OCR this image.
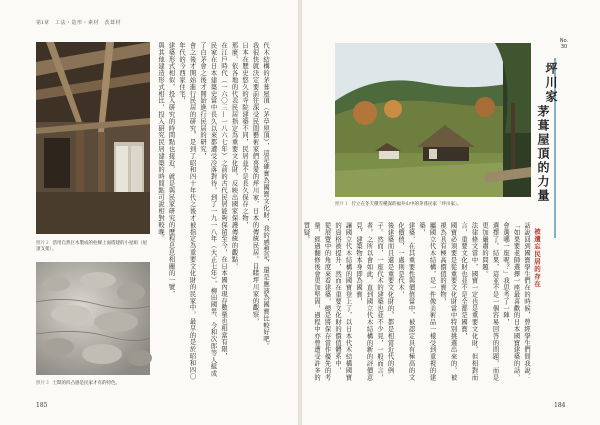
第Ⅰ章　工法・造形・素材　茨葺材
照片２ 活用自然巨木製成的柱樑上面搭建的小屋組（屋頂支架）。
照片３ 土間的凹凸感是民家才有的特色。

代木結構的茅葺屋頂（茅草屋頂），這是確實為國寶文化財，我的感想是，還是應該為國寶比較好吧。

我很快就決定要前往深受民間藝術家們喜愛的坪川家，日本的傳統民居。目睹坪川家的觀察，

日本在歷史悠久的寺院建築不同，民居並不是長久保存之物，

那麼，依各地的代表民居指定為重要文化財，反映出國家保護傳統的觀點，

在江戶時代（一六〇三—一八六七年）之前的古代民居能夠保留至今，在日本國內現存數量也相當有限，

民家在日本建築史當中長久以來都遭受冷落對待，到了一九一八年（大正七年），柳田國男、今和次郎等人組成了白茅會之後才開始進行民居的研究，

會之後才開始進行民居的研究，是到了昭和四十年代之後才被指定為重要文化財的民家中，最早的是於昭和四〇年代的今西家住宅，

建築形式相似，投入研究的時間點也接近，就是與民家研究的歷程息息相關的一號，

與其他建造形式相比，投入研究民居建築的時間點可說相對較晚。

185
照片１ 佇立在冬天積雪種深的福井山中的茅葺民家「坪川家」。
No.
30
坪川家
茅葺屋頂的力量
被遺忘民居的存在

話說回到國寶學生們在的時候，曾經學生們問我說：「如果要老師選擇一座最喜歡的日本國寶建築的話，會選哪一座呢？」我思考了一陣，

選擇了。結果，這並不是一個容易回答的問題，而是更加嚴肅的問題。

法律條文當中，國寶一定也是重要文化財，但相對而言，重要文化財也並不是全都是國寶，

國寶必須要是從重要文化財當中特別挑選出來的，被視為具有極高價值的寶物，

屬國立代木結構，是一件像美術品一樣受到重視的建築，

建築，在其重要性與價值當中，被認定具有極高的文化價值，一處則是代木，

後建築而且還是重要文化財的，都是相當近代的例子。然而，一座代木的建築也並不少見，一般而言，

者。之所以會如此，直到國立代木結構的新的評價意見，建築物本身即為國寶，

讓國立代木結構的國寶登上了，以日本代木結構國寶的資格被提升，然而在重要文化財的價值體系中，

從展覽中的角度來看建築，總是將保存當作優先的考量，經過翻修後會更加堅固，過程中亦曾遭受許多的質疑。

184
